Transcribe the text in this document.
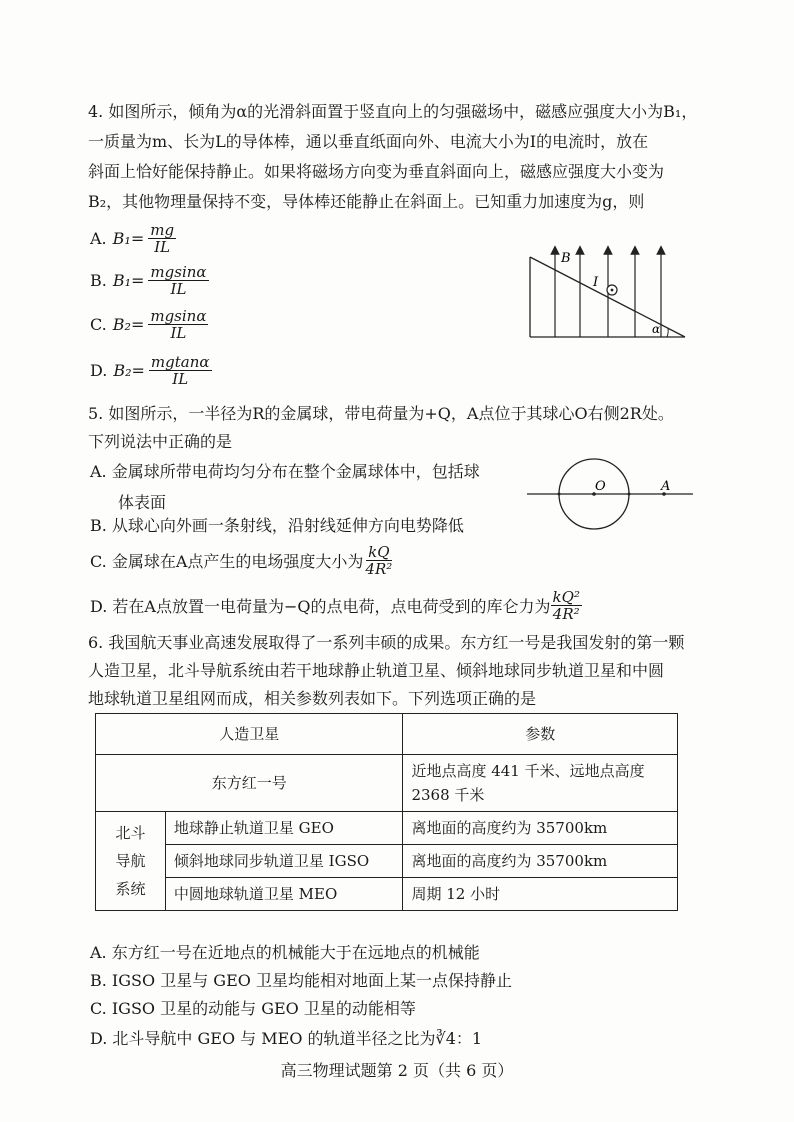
4. 如图所示，倾角为α的光滑斜面置于竖直向上的匀强磁场中，磁感应强度大小为B₁，
一质量为m、长为L的导体棒，通以垂直纸面向外、电流大小为I的电流时，放在
斜面上恰好能保持静止。如果将磁场方向变为垂直斜面向上，磁感应强度大小变为
B₂，其他物理量保持不变，导体棒还能静止在斜面上。已知重力加速度为g，则
A. $B_1= \frac{mg}{IL}$
B. $B_1= \frac{mgsin\alpha}{IL}$
C. $B_2= \frac{mgsin\alpha}{IL}$
D. $B_2= \frac{mgtan\alpha}{IL}$
B
I
α
5. 如图所示，一半径为R的金属球，带电荷量为+Q，A点位于其球心O右侧2R处。
下列说法中正确的是
A. 金属球所带电荷均匀分布在整个金属球体中，包括球
体表面
B. 从球心向外画一条射线，沿射线延伸方向电势降低
C. 金属球在A点产生的电场强度大小为 $\frac{kQ}{\text{4R²}}$
D. 若在A点放置一电荷量为−Q的点电荷，点电荷受到的库仑力为 $\frac{\text{kQ²}}{\text{4R²}}$
O	A
6. 我国航天事业高速发展取得了一系列丰硕的成果。东方红一号是我国发射的第一颗
人造卫星，北斗导航系统由若干地球静止轨道卫星、倾斜地球同步轨道卫星和中圆
地球轨道卫星组网而成，相关参数列表如下。下列选项正确的是
人造卫星		参数
东方红一号		近地点高度 441 千米、远地点高度
2368 千米

北斗
导航
系统	地球静止轨道卫星 GEO	离地面的高度约为 35700km
	倾斜地球同步轨道卫星 IGSO	离地面的高度约为 35700km
	中圆地球轨道卫星 MEO	周期 12 小时
A. 东方红一号在近地点的机械能大于在远地点的机械能
B. IGSO 卫星与 GEO 卫星均能相对地面上某一点保持静止
C. IGSO 卫星的动能与 GEO 卫星的动能相等
D. 北斗导航中 GEO 与 MEO 的轨道半径之比为∛4：1
高三物理试题第 2 页（共 6 页）
